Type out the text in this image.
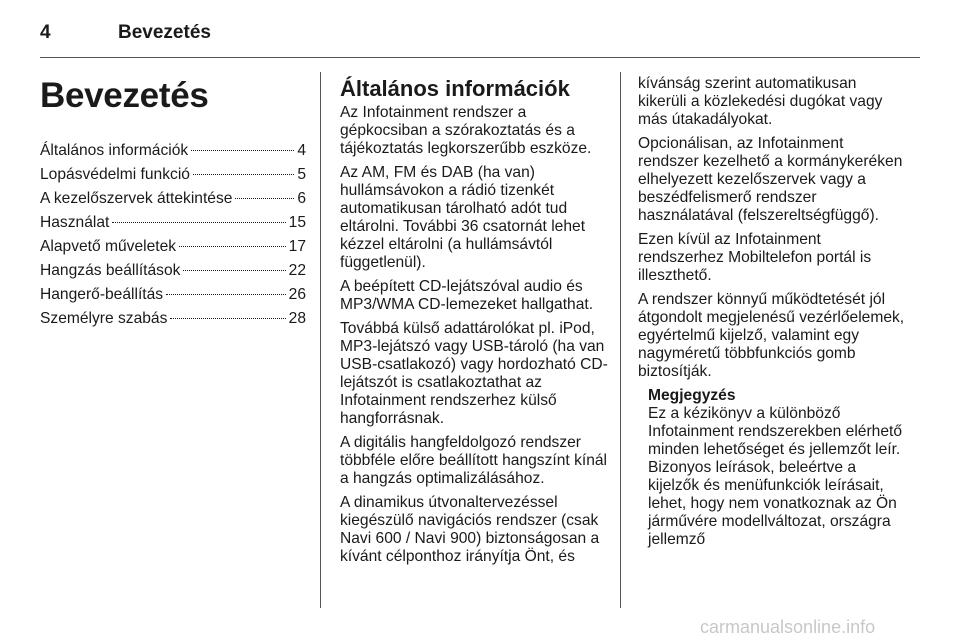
4	Bevezetés
Bevezetés
Általános információk	4
Lopásvédelmi funkció	5
A kezelőszervek áttekintése	6
Használat	15
Alapvető műveletek	17
Hangzás beállítások	22
Hangerő-beállítás	26
Személyre szabás	28
Általános információk

Az Infotainment rendszer a gépkocsiban a szórakoztatás és a tájékoztatás legkorszerűbb eszköze.

Az AM, FM és DAB (ha van) hullámsávokon a rádió tizenkét automatikusan tárolható adót tud eltárolni. További 36 csatornát lehet kézzel eltárolni (a hullámsávtól függetlenül).

A beépített CD-lejátszóval audio és MP3/WMA CD-lemezeket hallgathat.

Továbbá külső adattárolókat pl. iPod, MP3-lejátszó vagy USB-tároló (ha van USB-csatlakozó) vagy hordozható CD-lejátszót is csatlakoztathat az Infotainment rendszerhez külső hangforrásnak.

A digitális hangfeldolgozó rendszer többféle előre beállított hangszínt kínál a hangzás optimalizálásához.

A dinamikus útvonaltervezéssel kiegészülő navigációs rendszer (csak Navi 600 / Navi 900) biztonságosan a kívánt célponthoz irányítja Önt, és

kívánság szerint automatikusan kikerüli a közlekedési dugókat vagy más útakadályokat.

Opcionálisan, az Infotainment rendszer kezelhető a kormánykeréken elhelyezett kezelőszervek vagy a beszédfelismerő rendszer használatával (felszereltségfüggő).

Ezen kívül az Infotainment rendszerhez Mobiltelefon portál is illeszthető.

A rendszer könnyű működtetését jól átgondolt megjelenésű vezérlőelemek, egyértelmű kijelző, valamint egy nagyméretű többfunkciós gomb biztosítják.

Megjegyzés
Ez a kézikönyv a különböző Infotainment rendszerekben elérhető minden lehetőséget és jellemzőt leír. Bizonyos leírások, beleértve a kijelzők és menüfunkciók leírásait, lehet, hogy nem vonatkoznak az Ön járművére modellváltozat, országra jellemző
carmanualsonline.info
